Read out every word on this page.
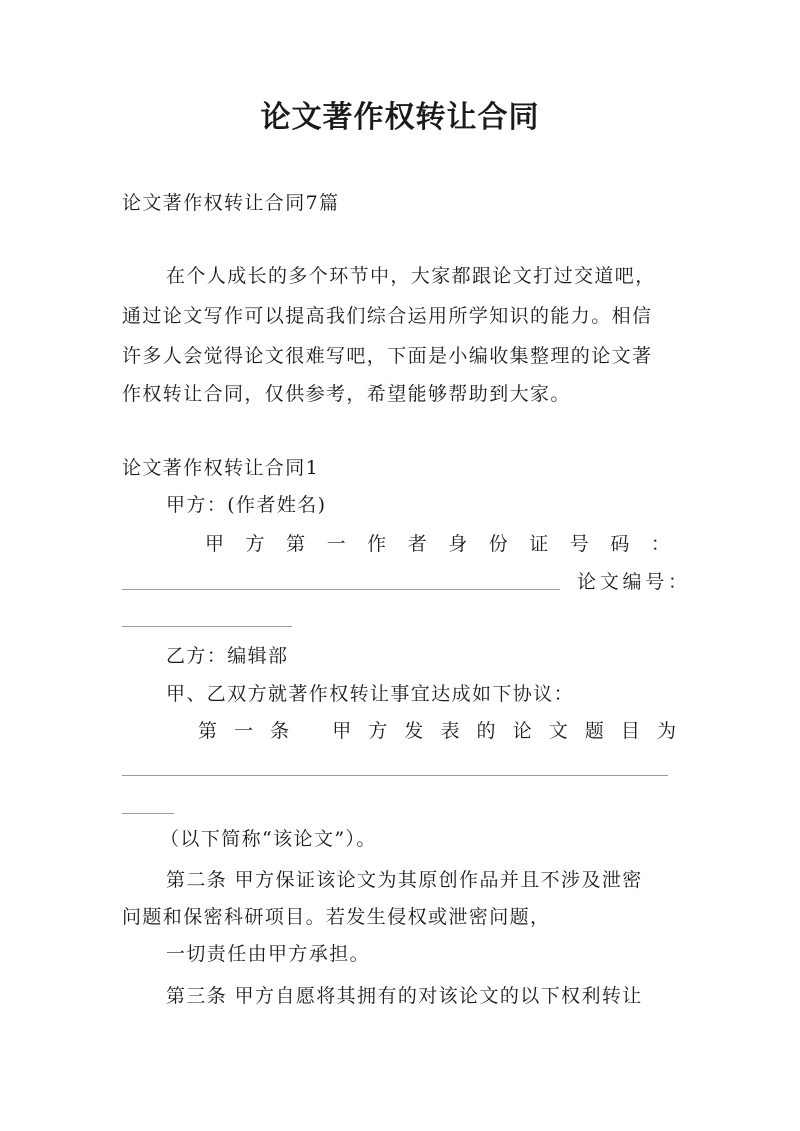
论文著作权转让合同
论文著作权转让合同7篇
在个人成长的多个环节中，大家都跟论文打过交道吧，
通过论文写作可以提高我们综合运用所学知识的能力。相信
许多人会觉得论文很难写吧，下面是小编收集整理的论文著
作权转让合同，仅供参考，希望能够帮助到大家。
论文著作权转让合同1
甲方：(作者姓名)
甲 方 第 一 作 者 身 份 证 号 码 ：
论 文 编 号 ：
乙方：编辑部
甲、乙双方就著作权转让事宜达成如下协议：
第 一 条 甲 方 发 表 的 论 文 题 目 为
（以下简称“该论文”）。
第二条 甲方保证该论文为其原创作品并且不涉及泄密
问题和保密科研项目。若发生侵权或泄密问题，
一切责任由甲方承担。
第三条 甲方自愿将其拥有的对该论文的以下权利转让
